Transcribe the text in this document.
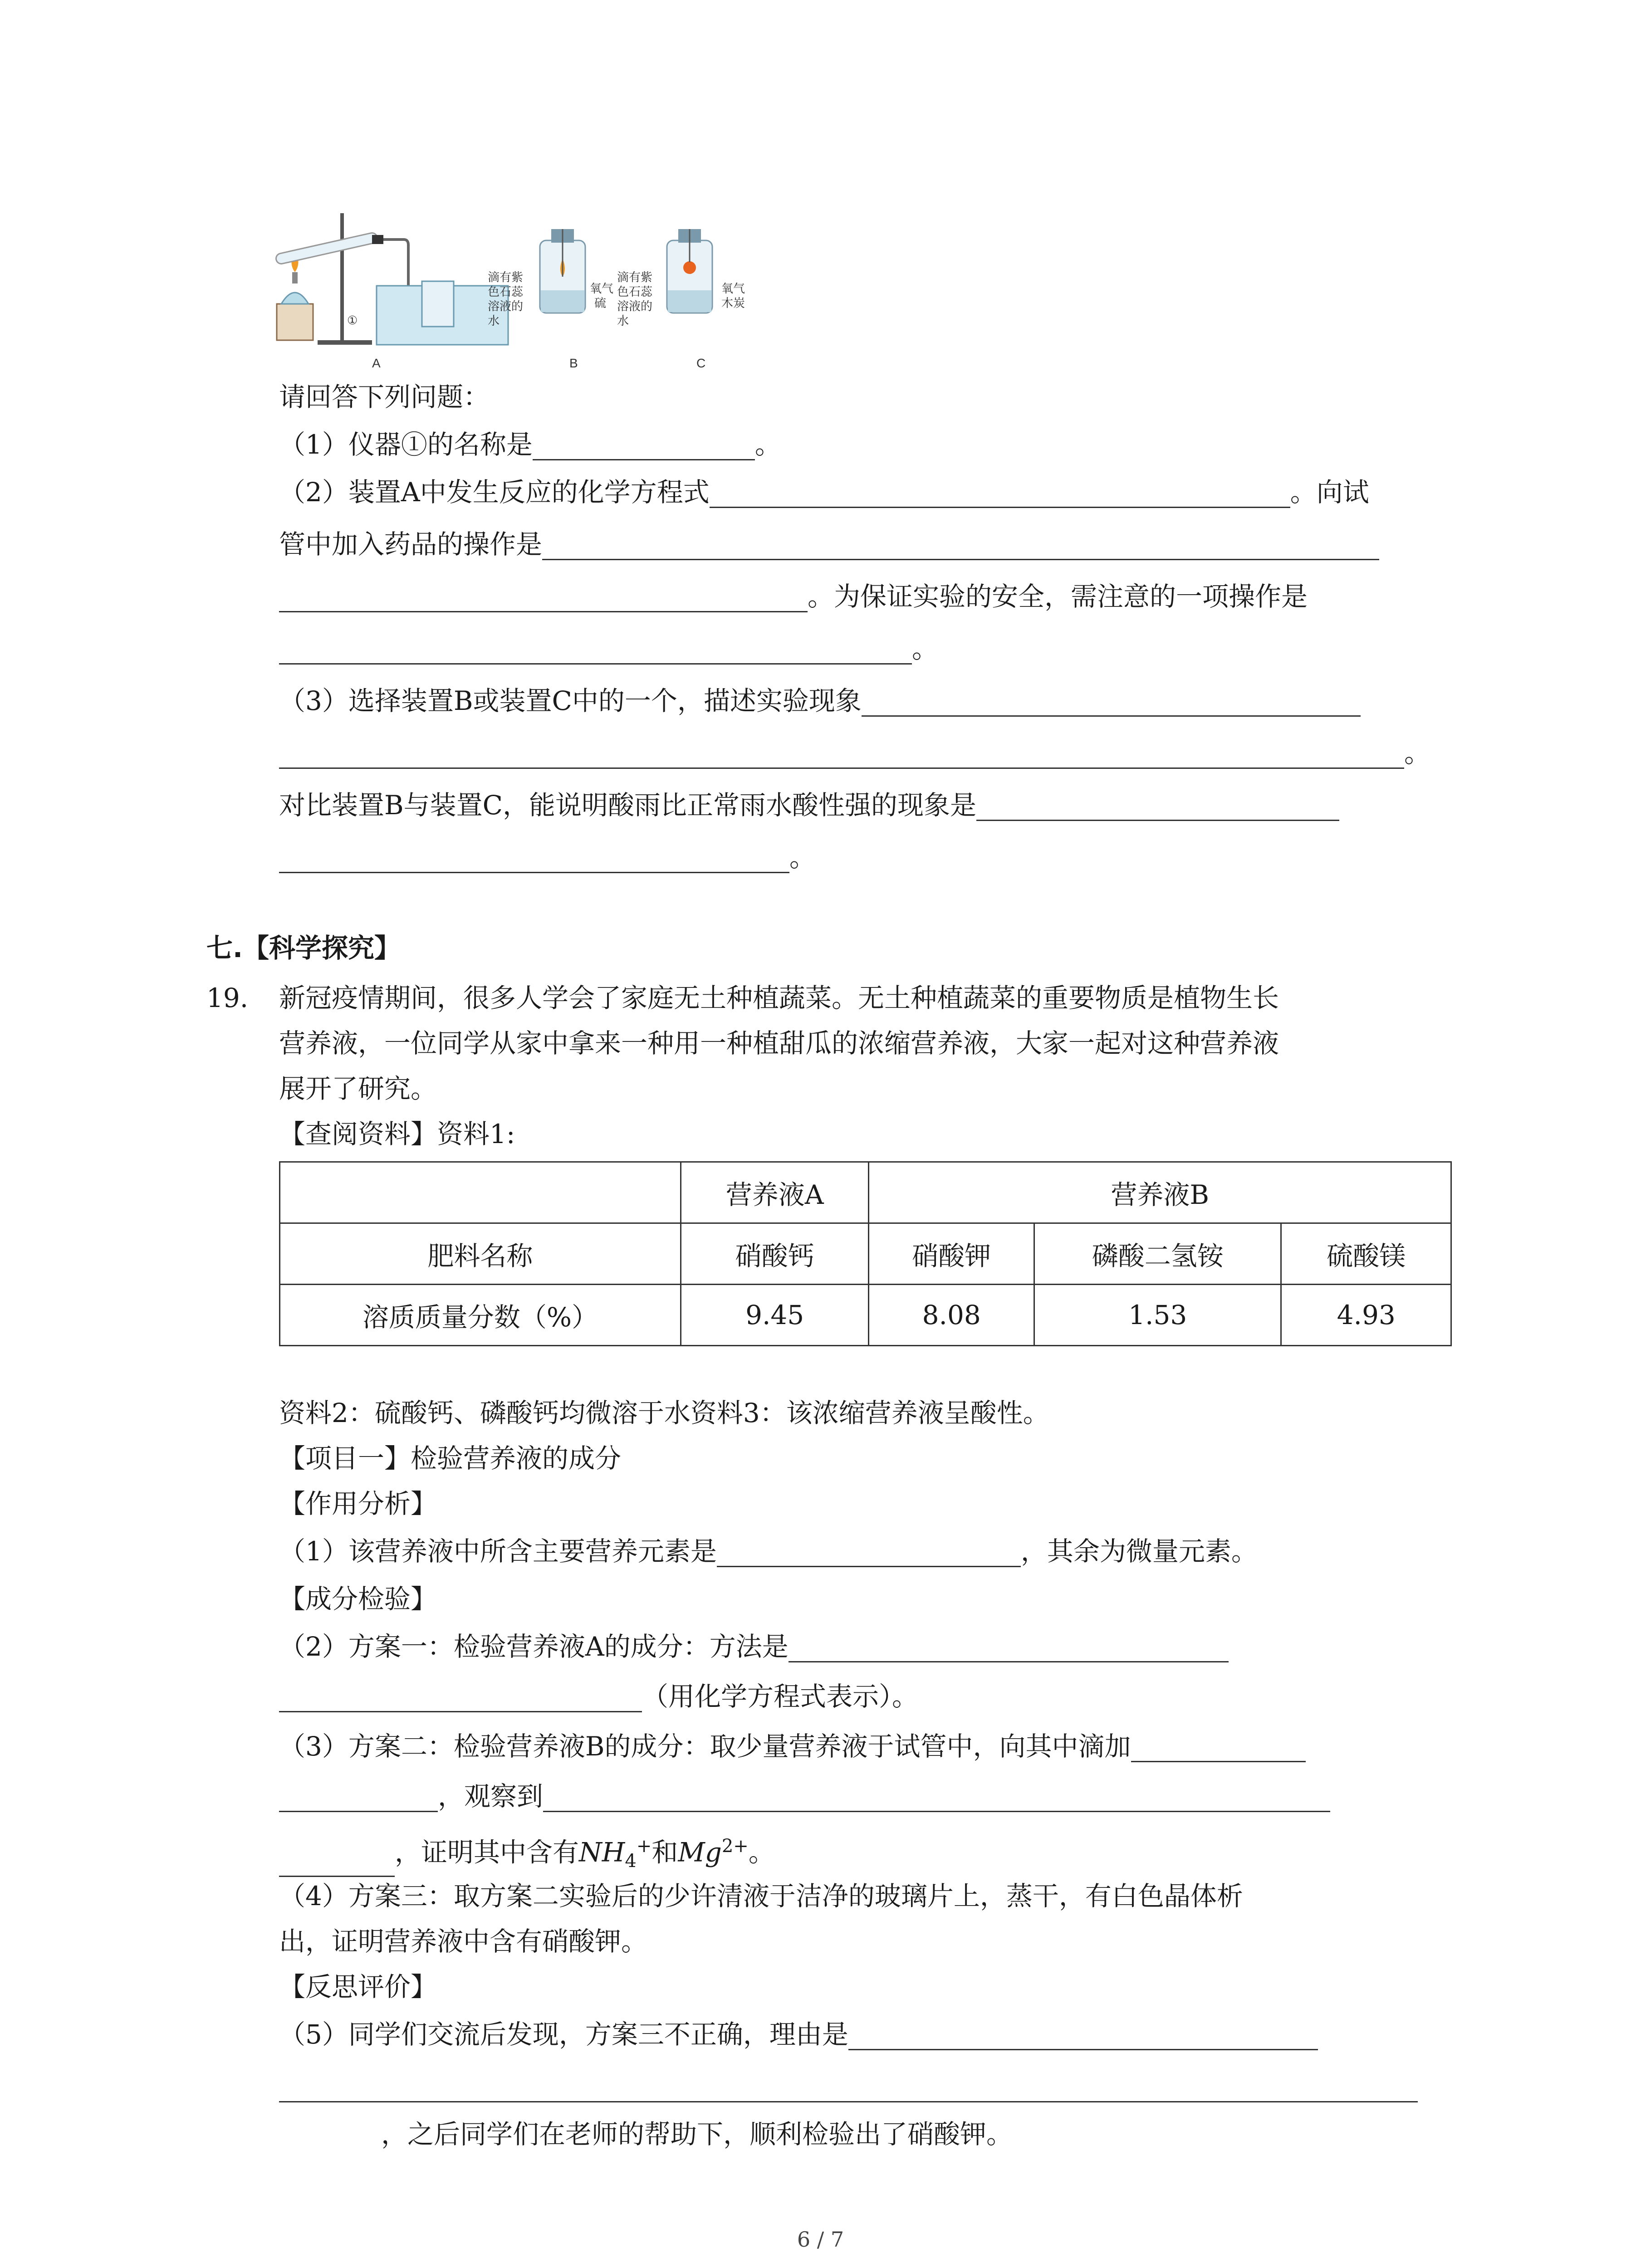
①
A	B	C
滴有紫
色石蕊
溶液的
水
氧气
硫
滴有紫
色石蕊
溶液的
水
氧气
木炭
请回答下列问题：
（1）仪器①的名称是	。
（2）装置A中发生反应的化学方程式	。向试
管中加入药品的操作是
。为保证实验的安全，需注意的一项操作是
。
（3）选择装置B或装置C中的一个，描述实验现象
。
对比装置B与装置C，能说明酸雨比正常雨水酸性强的现象是
。
七.【科学探究】
19. 新冠疫情期间，很多人学会了家庭无土种植蔬菜。无土种植蔬菜的重要物质是植物生长
营养液，一位同学从家中拿来一种用一种植甜瓜的浓缩营养液，大家一起对这种营养液
展开了研究。
【查阅资料】资料1:
	营养液A	营养液B		
肥料名称	硝酸钙	硝酸钾	磷酸二氢铵	硫酸镁
溶质质量分数（%）	9.45	8.08	1.53	4.93
资料2：硫酸钙、磷酸钙均微溶于水资料3：该浓缩营养液呈酸性。
【项目一】检验营养液的成分
【作用分析】
（1）该营养液中所含主要营养元素是	，其余为微量元素。
【成分检验】
（2）方案一：检验营养液A的成分：方法是
（用化学方程式表示）。
（3）方案二：检验营养液B的成分：取少量营养液于试管中，向其中滴加
，观察到
，证明其中含有$NH_4^+$和$Mg^{2+}$。
（4）方案三：取方案二实验后的少许清液于洁净的玻璃片上，蒸干，有白色晶体析
出，证明营养液中含有硝酸钾。
【反思评价】
（5）同学们交流后发现，方案三不正确，理由是
，之后同学们在老师的帮助下，顺利检验出了硝酸钾。
6 / 7
